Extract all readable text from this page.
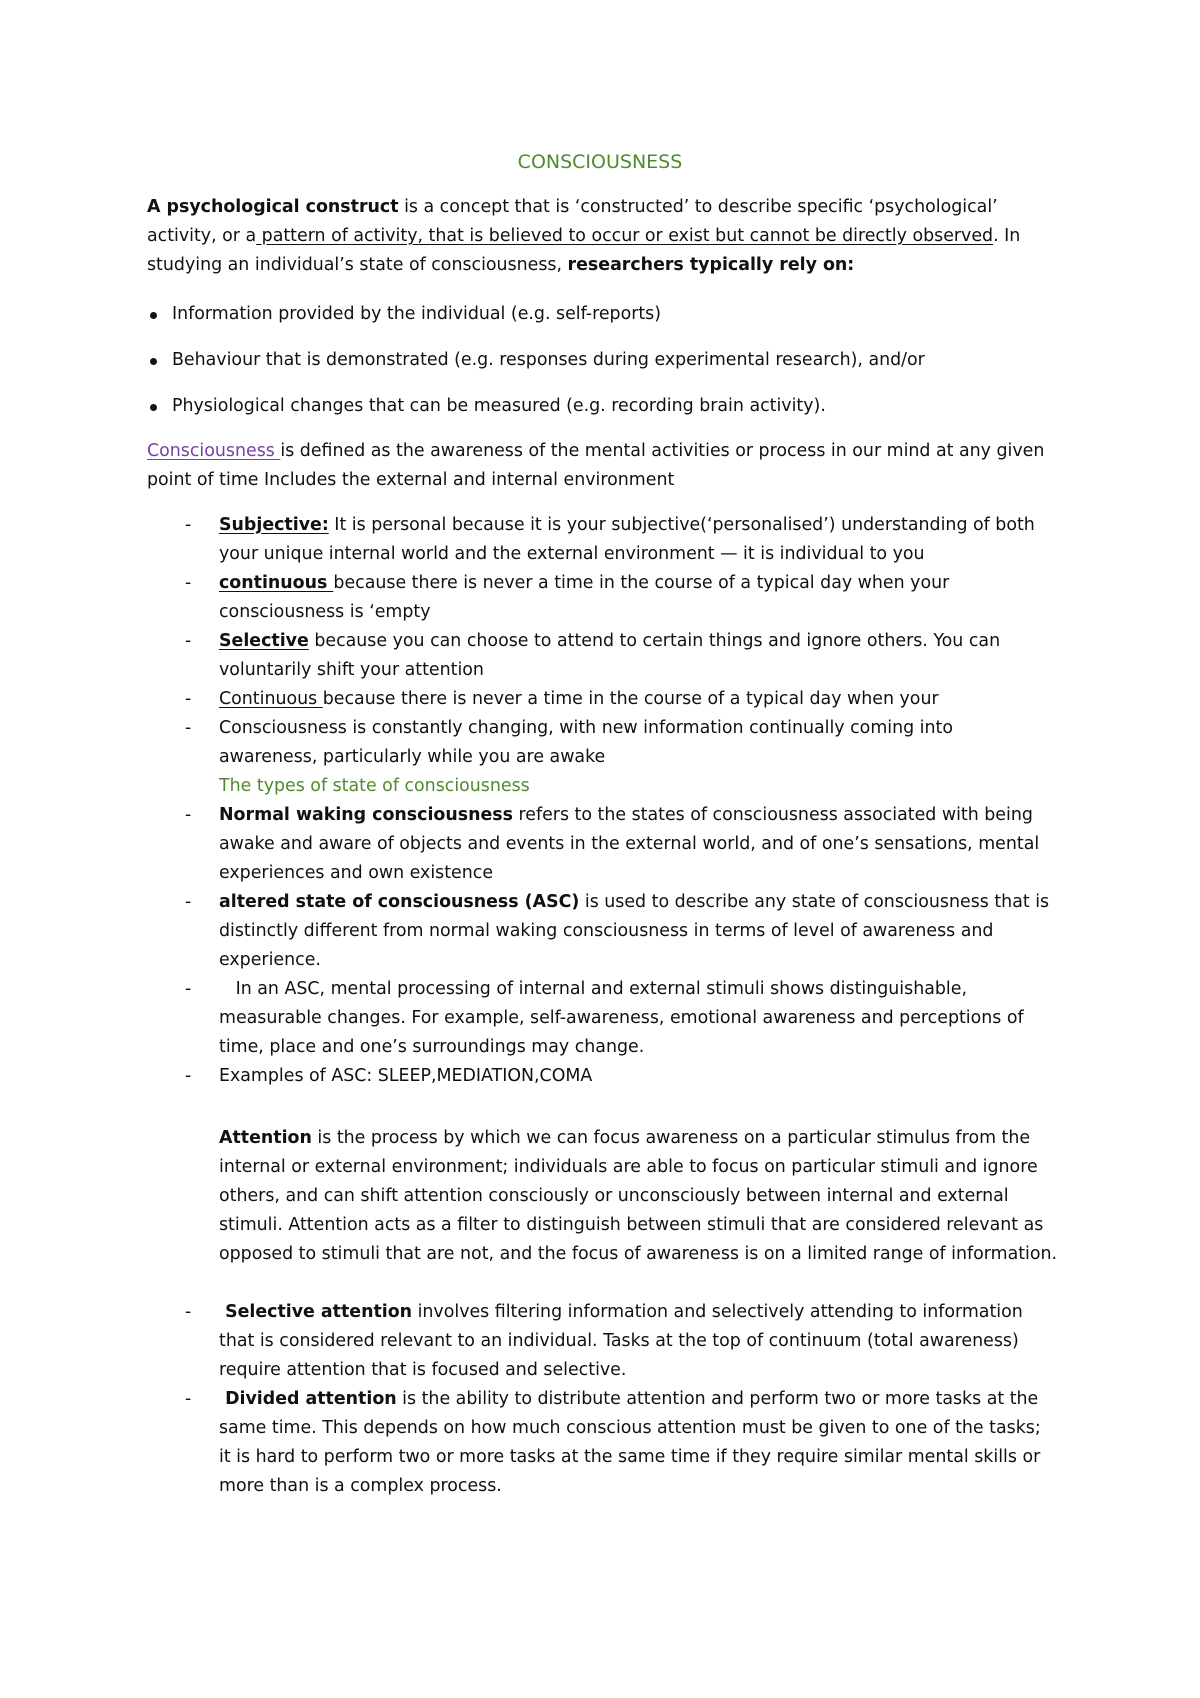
CONSCIOUSNESS

A psychological construct is a concept that is ‘constructed’ to describe specific ‘psychological’ activity, or a pattern of activity, that is believed to occur or exist but cannot be directly observed. In studying an individual’s state of consciousness, researchers typically rely on:

Information provided by the individual (e.g. self-reports)
Behaviour that is demonstrated (e.g. responses during experimental research), and/or
Physiological changes that can be measured (e.g. recording brain activity).

Consciousness is defined as the awareness of the mental activities or process in our mind at any given point of time Includes the external and internal environment

- Subjective: It is personal because it is your subjective(‘personalised’) understanding of both your unique internal world and the external environment — it is individual to you
- continuous because there is never a time in the course of a typical day when your consciousness is ‘empty
- Selective because you can choose to attend to certain things and ignore others. You can voluntarily shift your attention
- Continuous because there is never a time in the course of a typical day when your
- Consciousness is constantly changing, with new information continually coming into awareness, particularly while you are awake
The types of state of consciousness
- Normal waking consciousness refers to the states of consciousness associated with being awake and aware of objects and events in the external world, and of one’s sensations, mental experiences and own existence
- altered state of consciousness (ASC) is used to describe any state of consciousness that is distinctly different from normal waking consciousness in terms of level of awareness and experience.
- In an ASC, mental processing of internal and external stimuli shows distinguishable, measurable changes. For example, self-awareness, emotional awareness and perceptions of time, place and one’s surroundings may change.
- Examples of ASC: SLEEP,MEDIATION,COMA

Attention is the process by which we can focus awareness on a particular stimulus from the internal or external environment; individuals are able to focus on particular stimuli and ignore others, and can shift attention consciously or unconsciously between internal and external stimuli. Attention acts as a filter to distinguish between stimuli that are considered relevant as opposed to stimuli that are not, and the focus of awareness is on a limited range of information.

- Selective attention involves filtering information and selectively attending to information that is considered relevant to an individual. Tasks at the top of continuum (total awareness) require attention that is focused and selective.
- Divided attention is the ability to distribute attention and perform two or more tasks at the same time. This depends on how much conscious attention must be given to one of the tasks; it is hard to perform two or more tasks at the same time if they require similar mental skills or more than is a complex process.
